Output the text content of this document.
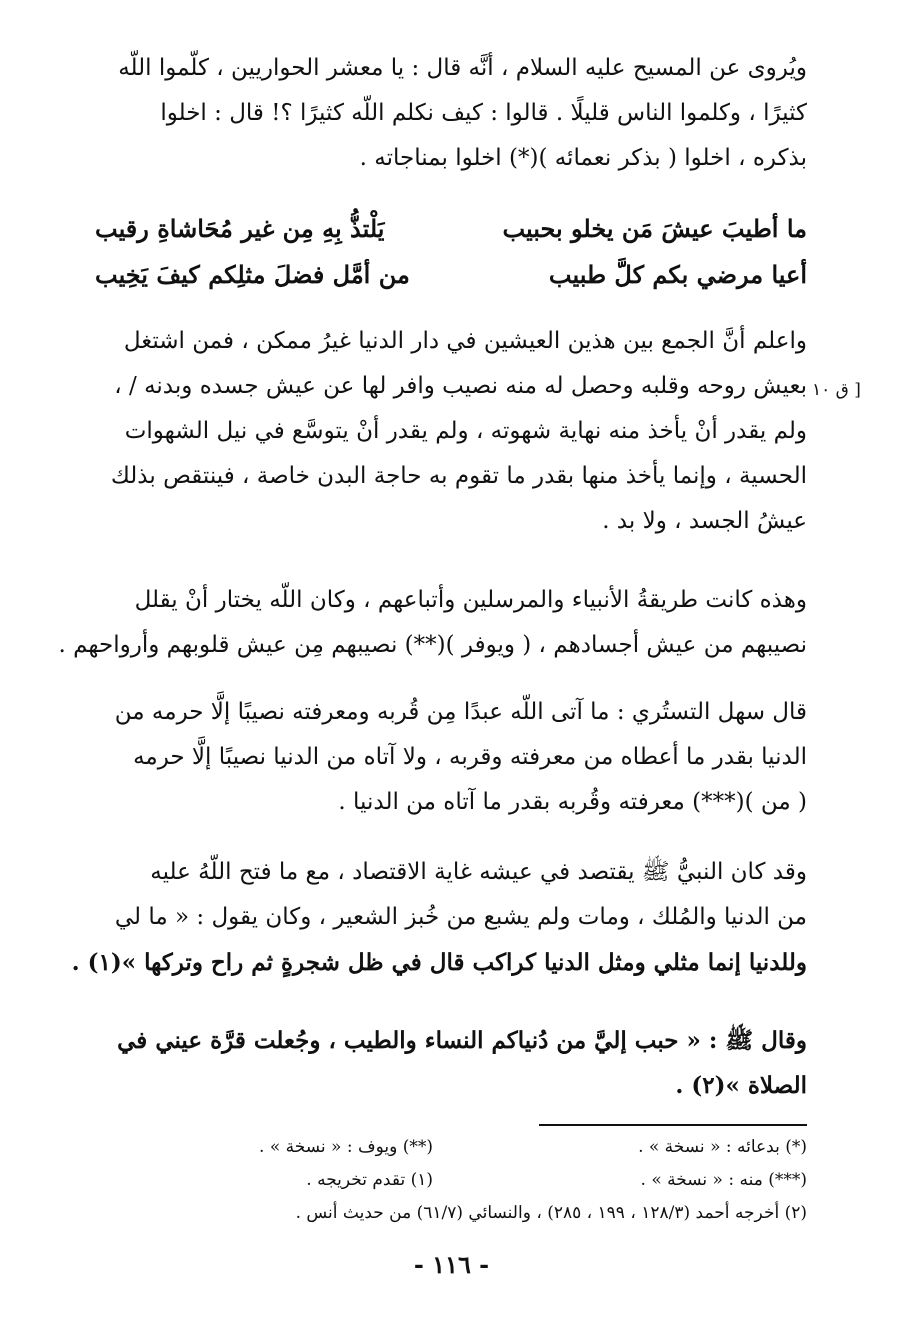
ويُروى عن المسيح عليه السلام ، أنَّه قال : يا معشر الحواريين ، كلّموا اللّه
كثيرًا ، وكلموا الناس قليلًا . قالوا : كيف نكلم اللّه كثيرًا ؟! قال : اخلوا
بذكره ، اخلوا ( بذكر نعمائه )(*) اخلوا بمناجاته .
ما أطيبَ عيشَ مَن يخلو بحبيب
يَلْتذُّ بِهِ مِن غير مُحَاشاةِ رقيب
أعيا مرضي بكم كلَّ طبيب
من أمَّل فضلَ مثلِكم كيفَ يَخِيب
واعلم أنَّ الجمع بين هذين العيشين في دار الدنيا غيرُ ممكن ، فمن اشتغل
بعيش روحه وقلبه وحصل له منه نصيب وافر لها عن عيش جسده وبدنه / ،
ولم يقدر أنْ يأخذ منه نهاية شهوته ، ولم يقدر أنْ يتوسَّع في نيل الشهوات
الحسية ، وإنما يأخذ منها بقدر ما تقوم به حاجة البدن خاصة ، فينتقص بذلك
عيشُ الجسد ، ولا بد .
[ ق ١٠
وهذه كانت طريقةُ الأنبياء والمرسلين وأتباعهم ، وكان اللّه يختار أنْ يقلل
نصيبهم من عيش أجسادهم ، ( ويوفر )(**) نصيبهم مِن عيش قلوبهم وأرواحهم .
قال سهل التستُري : ما آتى اللّه عبدًا مِن قُربه ومعرفته نصيبًا إلَّا حرمه من
الدنيا بقدر ما أعطاه من معرفته وقربه ، ولا آتاه من الدنيا نصيبًا إلَّا حرمه
( من )(***) معرفته وقُربه بقدر ما آتاه من الدنيا .
وقد كان النبيُّ ﷺ يقتصد في عيشه غاية الاقتصاد ، مع ما فتح اللّهُ عليه
من الدنيا والمُلك ، ومات ولم يشبع من خُبز الشعير ، وكان يقول : « ما لي
وللدنيا إنما مثلي ومثل الدنيا كراكب قال في ظل شجرةٍ ثم راح وتركها »(١) .
وقال ﷺ : « حبب إليَّ من دُنياكم النساء والطيب ، وجُعلت قرَّة عيني في
الصلاة »(٢) .
(*) بدعائه : « نسخة » .
(**) ويوف : « نسخة » .
(***) منه : « نسخة » .
(١) تقدم تخريجه .
(٢) أخرجه أحمد (١٢٨/٣ ، ١٩٩ ، ٢٨٥) ، والنسائي (٦١/٧) من حديث أنس .
- ١١٦ -
